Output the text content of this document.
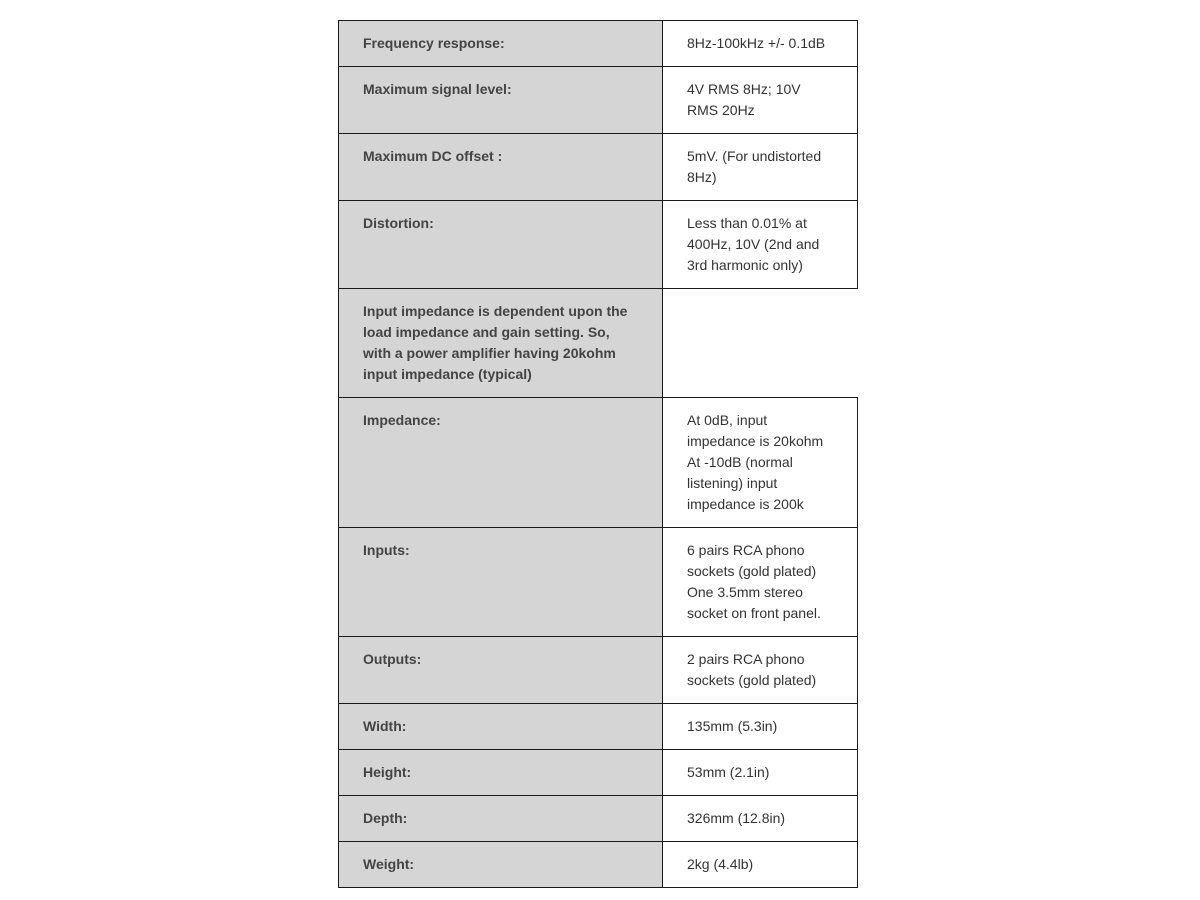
Frequency response:	8Hz-100kHz +/- 0.1dB

Maximum signal level:	4V RMS 8Hz; 10V
RMS 20Hz

Maximum DC offset :	5mV. (For undistorted
8Hz)

Distortion:	Less than 0.01% at
400Hz, 10V (2nd and
3rd harmonic only)

Input impedance is dependent upon the load impedance and gain setting. So, with a power amplifier having 20kohm input impedance (typical)	
Impedance:	At 0dB, input
impedance is 20kohm
At -10dB (normal
listening) input
impedance is 200k

Inputs:	6 pairs RCA phono
sockets (gold plated)
One 3.5mm stereo
socket on front panel.

Outputs:	2 pairs RCA phono
sockets (gold plated)

Width:	135mm (5.3in)

Height:	53mm (2.1in)

Depth:	326mm (12.8in)

Weight:	2kg (4.4lb)
